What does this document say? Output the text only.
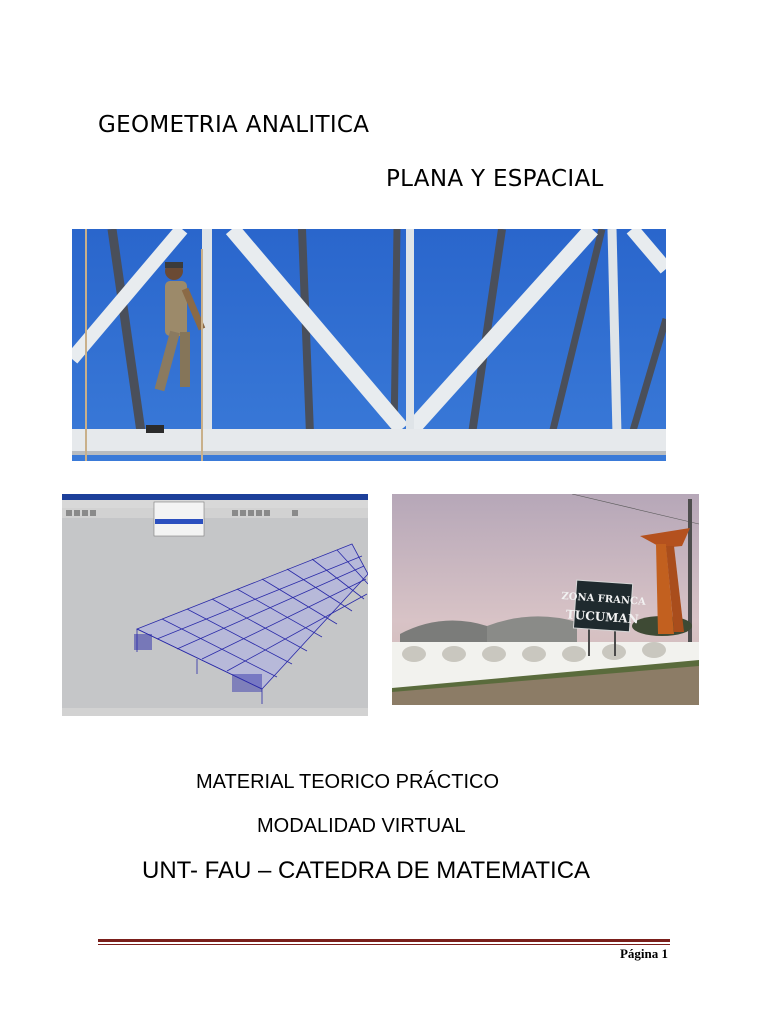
GEOMETRIA ANALITICA
PLANA Y ESPACIAL
ZONA FRANCA
TUCUMAN
MATERIAL TEORICO PRÁCTICO
MODALIDAD VIRTUAL
UNT- FAU – CATEDRA DE MATEMATICA
Página 1
